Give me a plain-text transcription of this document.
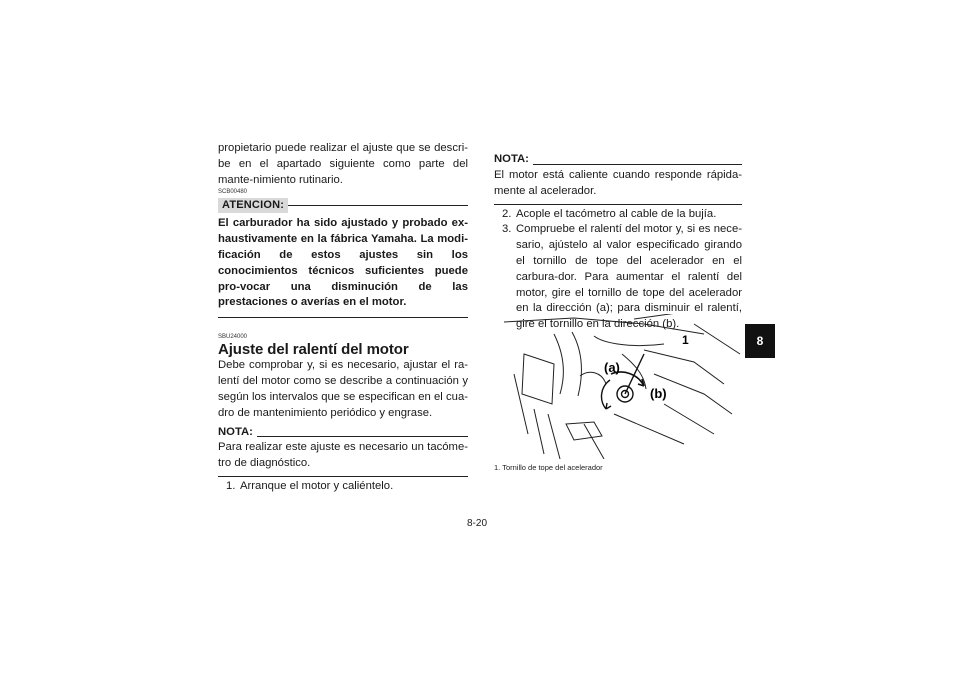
propietario puede realizar el ajuste que se descri-be en el apartado siguiente como parte del mante-nimiento rutinario.

SCB00480
ATENCION:

El carburador ha sido ajustado y probado ex-haustivamente en la fábrica Yamaha. La modi-ficación de estos ajustes sin los conocimientos técnicos suficientes puede pro-vocar una disminución de las prestaciones o averías en el motor.

SBU24000
Ajuste del ralentí del motor

Debe comprobar y, si es necesario, ajustar el ra-lentí del motor como se describe a continuación y según los intervalos que se especifican en el cua-dro de mantenimiento periódico y engrase.

NOTA:

Para realizar este ajuste es necesario un tacóme-tro de diagnóstico.

1. Arranque el motor y caliéntelo.
NOTA:

El motor está caliente cuando responde rápida-mente al acelerador.

2. Acople el tacómetro al cable de la bujía.
3. Compruebe el ralentí del motor y, si es nece-sario, ajústelo al valor especificado girando el tornillo de tope del acelerador en el carbura-dor. Para aumentar el ralentí del motor, gire el tornillo de tope del acelerador en la dirección (a); para disminuir el ralentí, gire el tornillo en la dirección (b).
(a)
(b)
1
1. Tornillo de tope del acelerador
8-20
8
